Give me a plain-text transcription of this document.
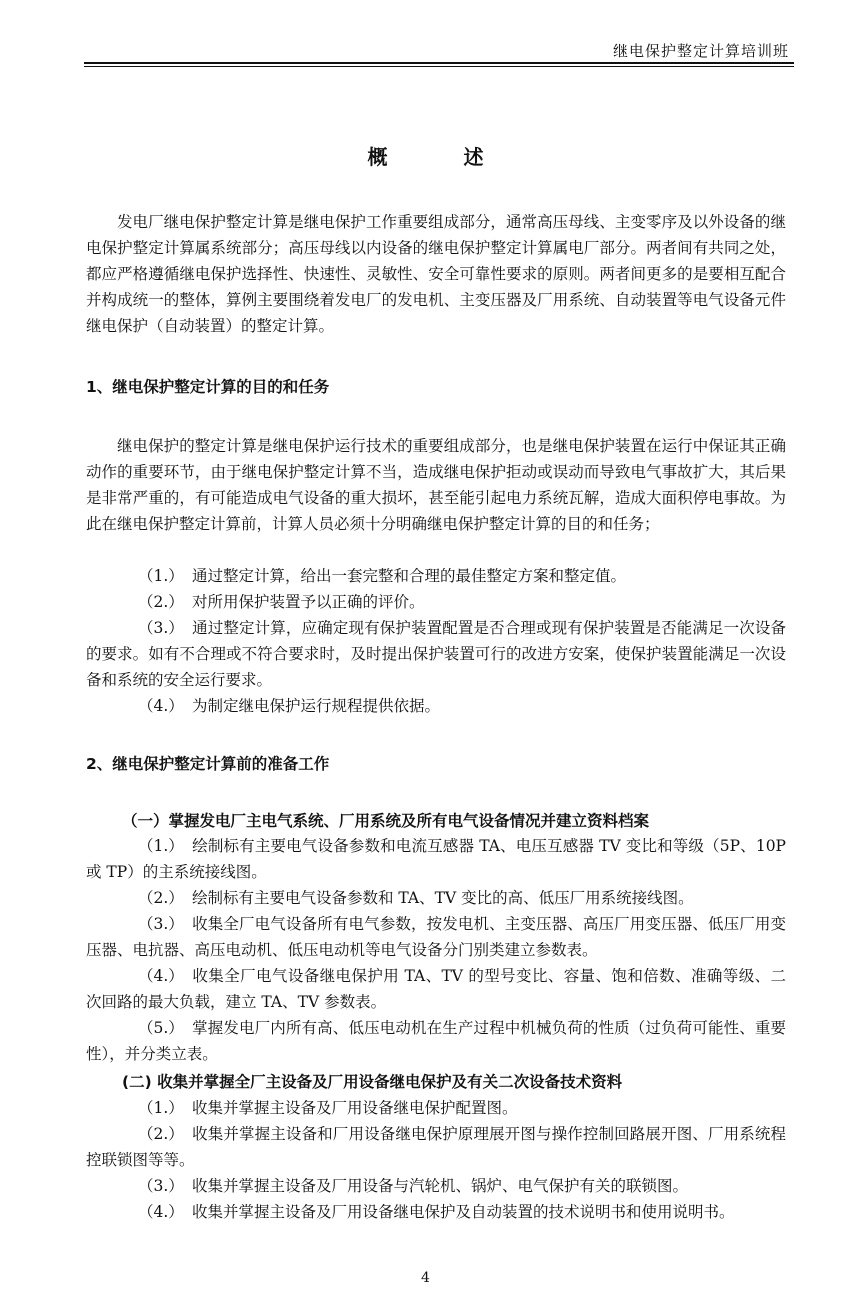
继电保护整定计算培训班
概　述
发电厂继电保护整定计算是继电保护工作重要组成部分，通常高压母线、主变零序及以外设备的继电保护整定计算属系统部分；高压母线以内设备的继电保护整定计算属电厂部分。两者间有共同之处，都应严格遵循继电保护选择性、快速性、灵敏性、安全可靠性要求的原则。两者间更多的是要相互配合并构成统一的整体，算例主要围绕着发电厂的发电机、主变压器及厂用系统、自动装置等电气设备元件继电保护（自动装置）的整定计算。
1、继电保护整定计算的目的和任务
继电保护的整定计算是继电保护运行技术的重要组成部分，也是继电保护装置在运行中保证其正确动作的重要环节，由于继电保护整定计算不当，造成继电保护拒动或误动而导致电气事故扩大，其后果是非常严重的，有可能造成电气设备的重大损坏，甚至能引起电力系统瓦解，造成大面积停电事故。为此在继电保护整定计算前，计算人员必须十分明确继电保护整定计算的目的和任务；
（1.） 通过整定计算，给出一套完整和合理的最佳整定方案和整定值。
（2.） 对所用保护装置予以正确的评价。
（3.） 通过整定计算，应确定现有保护装置配置是否合理或现有保护装置是否能满足一次设备的要求。如有不合理或不符合要求时，及时提出保护装置可行的改进方安案，使保护装置能满足一次设备和系统的安全运行要求。
（4.） 为制定继电保护运行规程提供依据。
2、继电保护整定计算前的准备工作
（一）掌握发电厂主电气系统、厂用系统及所有电气设备情况并建立资料档案
（1.） 绘制标有主要电气设备参数和电流互感器 TA、电压互感器 TV 变比和等级（5P、10P 或 TP）的主系统接线图。
（2.） 绘制标有主要电气设备参数和 TA、TV 变比的高、低压厂用系统接线图。
（3.） 收集全厂电气设备所有电气参数，按发电机、主变压器、高压厂用变压器、低压厂用变压器、电抗器、高压电动机、低压电动机等电气设备分门别类建立参数表。
（4.） 收集全厂电气设备继电保护用 TA、TV 的型号变比、容量、饱和倍数、准确等级、二次回路的最大负载，建立 TA、TV 参数表。
（5.） 掌握发电厂内所有高、低压电动机在生产过程中机械负荷的性质（过负荷可能性、重要性），并分类立表。
(二) 收集并掌握全厂主设备及厂用设备继电保护及有关二次设备技术资料
（1.） 收集并掌握主设备及厂用设备继电保护配置图。
（2.） 收集并掌握主设备和厂用设备继电保护原理展开图与操作控制回路展开图、厂用系统程控联锁图等等。
（3.） 收集并掌握主设备及厂用设备与汽轮机、锅炉、电气保护有关的联锁图。
（4.） 收集并掌握主设备及厂用设备继电保护及自动装置的技术说明书和使用说明书。
4
